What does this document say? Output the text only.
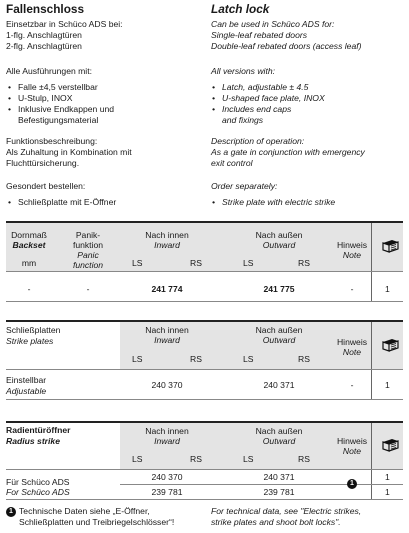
Fallenschloss	Latch lock
Einsetzbar in Schüco ADS bei:
1-flg. Anschlagtüren
2-flg. Anschlagtüren
Can be used in Schüco ADS for:
Single-leaf rebated doors
Double-leaf rebated doors (access leaf)
Alle Ausführungen mit:	All versions with:
• Falle ±4,5 verstellbar
• U-Stulp, INOX
• Inklusive Endkappen und
Befestigungsmaterial
• Latch, adjustable ± 4.5
• U-shaped face plate, INOX
• Includes end caps
and fixings
Funktionsbeschreibung:
Als Zuhaltung in Kombination mit
Fluchttürsicherung.
Description of operation:
As a gate in conjunction with emergency
exit control
Gesondert bestellen:	Order separately:
• Schließplatte mit E-Öffner
•	Strike plate with electric strike
Dornmaß
Backset
mm
Panik-
funktion
Panic
function
Nach innen
Inward
LS	RS
Nach außen
Outward
LS	RS
Hinweis
Note
-	-	241 774	241 775	-	1
Schließplatten
Strike plates
Nach innen
Inward
LS	RS
Nach außen
Outward
LS	RS
Hinweis
Note
Einstellbar
Adjustable
240 370	240 371	-	1
Radientüröffner
Radius strike
Nach innen
Inward
LS	RS
Nach außen
Outward
LS	RS
Hinweis
Note
Für Schüco ADS
For Schüco ADS
240 370	240 371
239 781	239 781
1
1
1
1 Technische Daten siehe „E-Öffner,
Schließplatten und Treibriegelschlösser“!
For technical data, see "Electric strikes,
strike plates and shoot bolt locks".
